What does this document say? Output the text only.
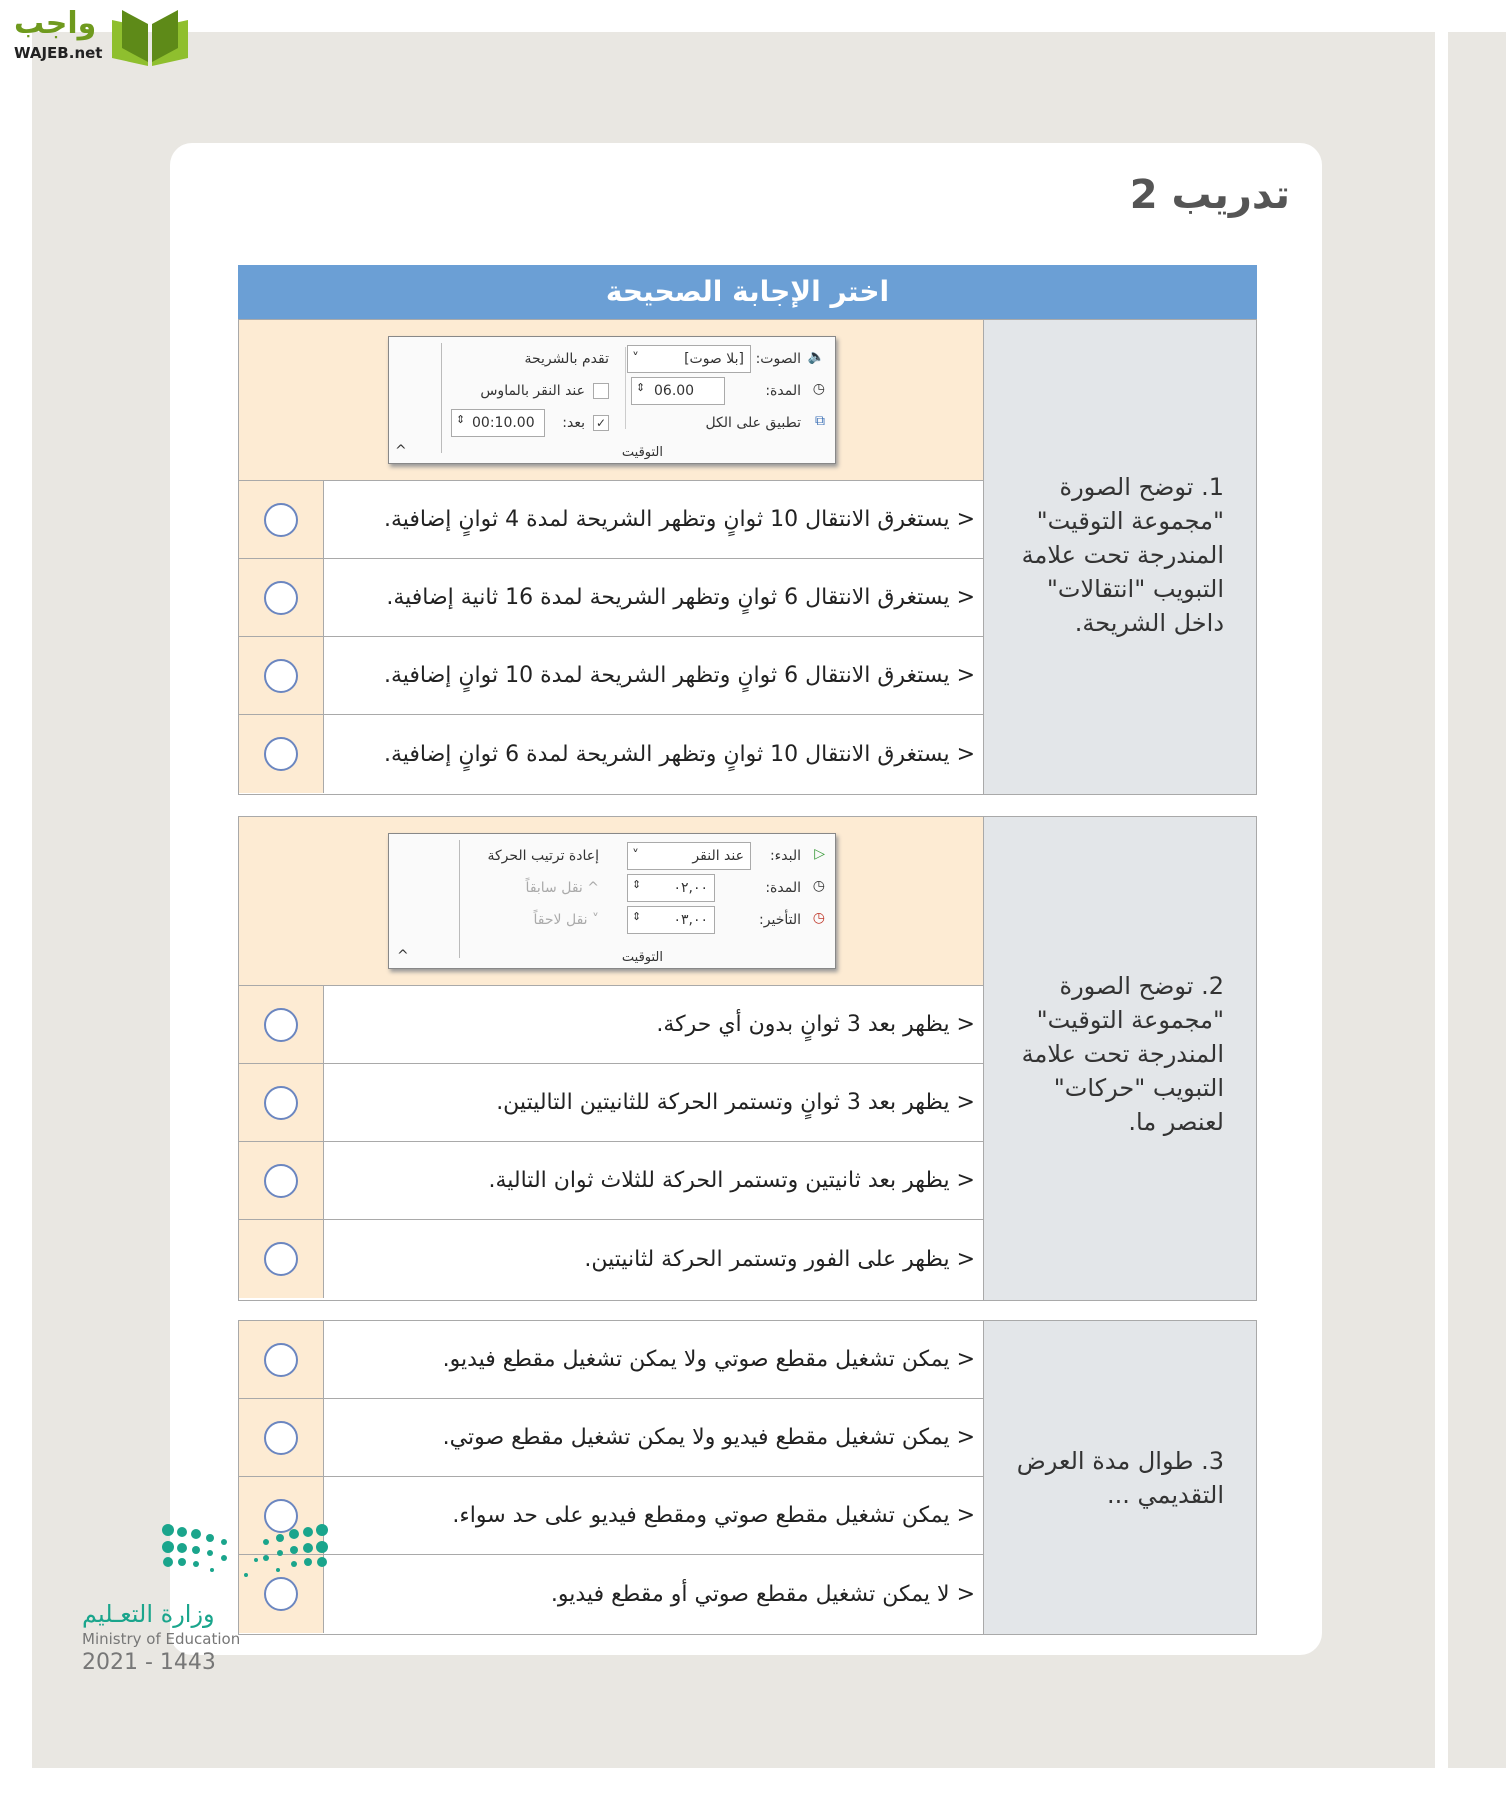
واجب
WAJEB.net
تدريب 2
اختر الإجابة الصحيحة
1. توضح الصورة "مجموعة التوقيت" المندرجة تحت علامة التبويب "انتقالات" داخل الشريحة.
🔈
الصوت:
[بلا صوت]
˅
◷
المدة:
06.00
⇕
⧉
تطبيق على الكل
تقدم بالشريحة
عند النقر بالماوس
✓
بعد:
00:10.00
⇕
التوقيت
^
< يستغرق الانتقال 10 ثوانٍ وتظهر الشريحة لمدة 4 ثوانٍ إضافية.
< يستغرق الانتقال 6 ثوانٍ وتظهر الشريحة لمدة 16 ثانية إضافية.
< يستغرق الانتقال 6 ثوانٍ وتظهر الشريحة لمدة 10 ثوانٍ إضافية.
< يستغرق الانتقال 10 ثوانٍ وتظهر الشريحة لمدة 6 ثوانٍ إضافية.
2. توضح الصورة "مجموعة التوقيت" المندرجة تحت علامة التبويب "حركات" لعنصر ما.
▷
البدء:
عند النقر
˅
◷
المدة:
٠٢,٠٠
⇕
◷
التأخير:
٠٣,٠٠
⇕
إعادة ترتيب الحركة
^ نقل سابقاً
˅ نقل لاحقاً
التوقيت
^
< يظهر بعد 3 ثوانٍ بدون أي حركة.
< يظهر بعد 3 ثوانٍ وتستمر الحركة للثانيتين التاليتين.
< يظهر بعد ثانيتين وتستمر الحركة للثلاث ثوان التالية.
< يظهر على الفور وتستمر الحركة لثانيتين.
3. طوال مدة العرض التقديمي ...
< يمكن تشغيل مقطع صوتي ولا يمكن تشغيل مقطع فيديو.
< يمكن تشغيل مقطع فيديو ولا يمكن تشغيل مقطع صوتي.
< يمكن تشغيل مقطع صوتي ومقطع فيديو على حد سواء.
< لا يمكن تشغيل مقطع صوتي أو مقطع فيديو.
وزارة التعـليم
Ministry of Education
2021 - 1443
